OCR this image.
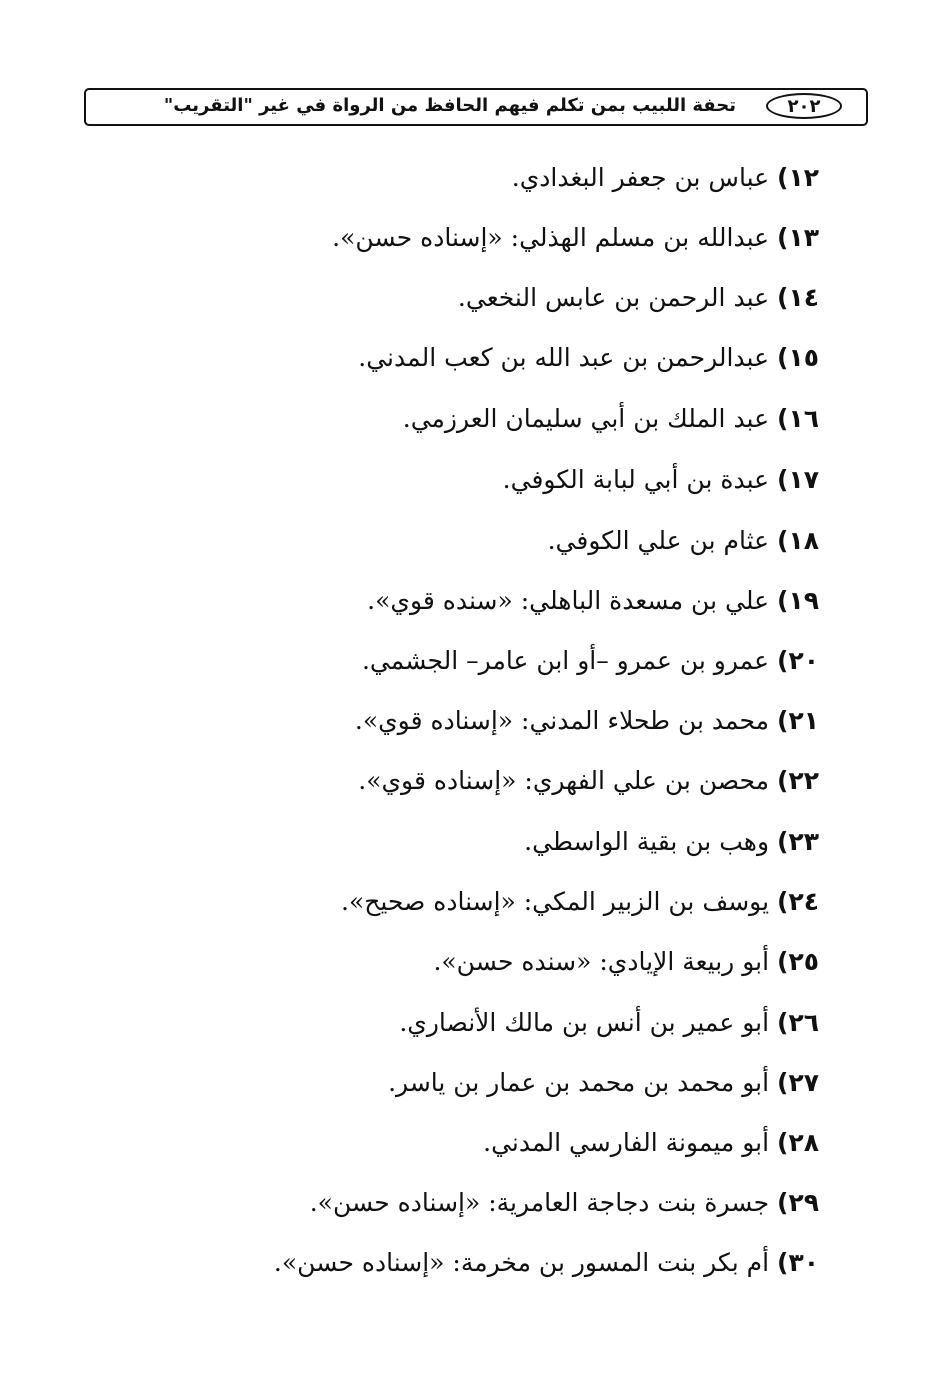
٢٠٢
تحفة اللبيب بمن تكلم فيهم الحافظ من الرواة في غير "التقريب"
١٢)عباس بن جعفر البغدادي.
١٣)عبدالله بن مسلم الهذلي: «إسناده حسن».
١٤)عبد الرحمن بن عابس النخعي.
١٥)عبدالرحمن بن عبد الله بن كعب المدني.
١٦)عبد الملك بن أبي سليمان العرزمي.
١٧)عبدة بن أبي لبابة الكوفي.
١٨)عثام بن علي الكوفي.
١٩)علي بن مسعدة الباهلي: «سنده قوي».
٢٠)عمرو بن عمرو –أو ابن عامر– الجشمي.
٢١)محمد بن طحلاء المدني: «إسناده قوي».
٢٢)محصن بن علي الفهري: «إسناده قوي».
٢٣)وهب بن بقية الواسطي.
٢٤)يوسف بن الزبير المكي: «إسناده صحيح».
٢٥)أبو ربيعة الإيادي: «سنده حسن».
٢٦)أبو عمير بن أنس بن مالك الأنصاري.
٢٧)أبو محمد بن محمد بن عمار بن ياسر.
٢٨)أبو ميمونة الفارسي المدني.
٢٩)جسرة بنت دجاجة العامرية: «إسناده حسن».
٣٠)أم بكر بنت المسور بن مخرمة: «إسناده حسن».
